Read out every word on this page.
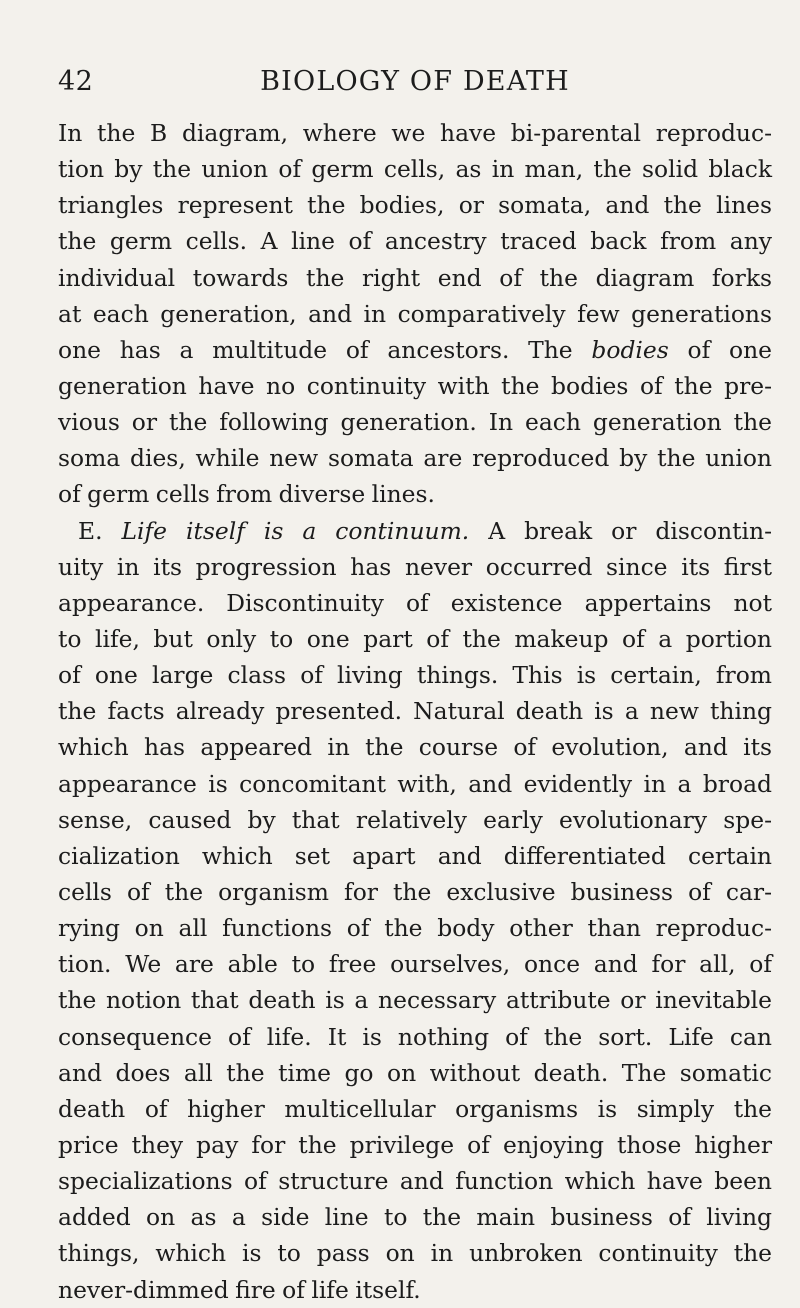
42	BIOLOGY OF DEATH
In the B diagram, where we have bi-parental reproduc-
tion by the union of germ cells, as in man, the solid black
triangles represent the bodies, or somata, and the lines
the germ cells. A line of ancestry traced back from any
individual towards the right end of the diagram forks
at each generation, and in comparatively few generations
one has a multitude of ancestors. The bodies of one
generation have no continuity with the bodies of the pre-
vious or the following generation. In each generation the
soma dies, while new somata are reproduced by the union
of germ cells from diverse lines.
E. Life itself is a continuum. A break or discontin-
uity in its progression has never occurred since its first
appearance. Discontinuity of existence appertains not
to life, but only to one part of the makeup of a portion
of one large class of living things. This is certain, from
the facts already presented. Natural death is a new thing
which has appeared in the course of evolution, and its
appearance is concomitant with, and evidently in a broad
sense, caused by that relatively early evolutionary spe-
cialization which set apart and differentiated certain
cells of the organism for the exclusive business of car-
rying on all functions of the body other than reproduc-
tion. We are able to free ourselves, once and for all, of
the notion that death is a necessary attribute or inevitable
consequence of life. It is nothing of the sort. Life can
and does all the time go on without death. The somatic
death of higher multicellular organisms is simply the
price they pay for the privilege of enjoying those higher
specializations of structure and function which have been
added on as a side line to the main business of living
things, which is to pass on in unbroken continuity the
never-dimmed fire of life itself.
